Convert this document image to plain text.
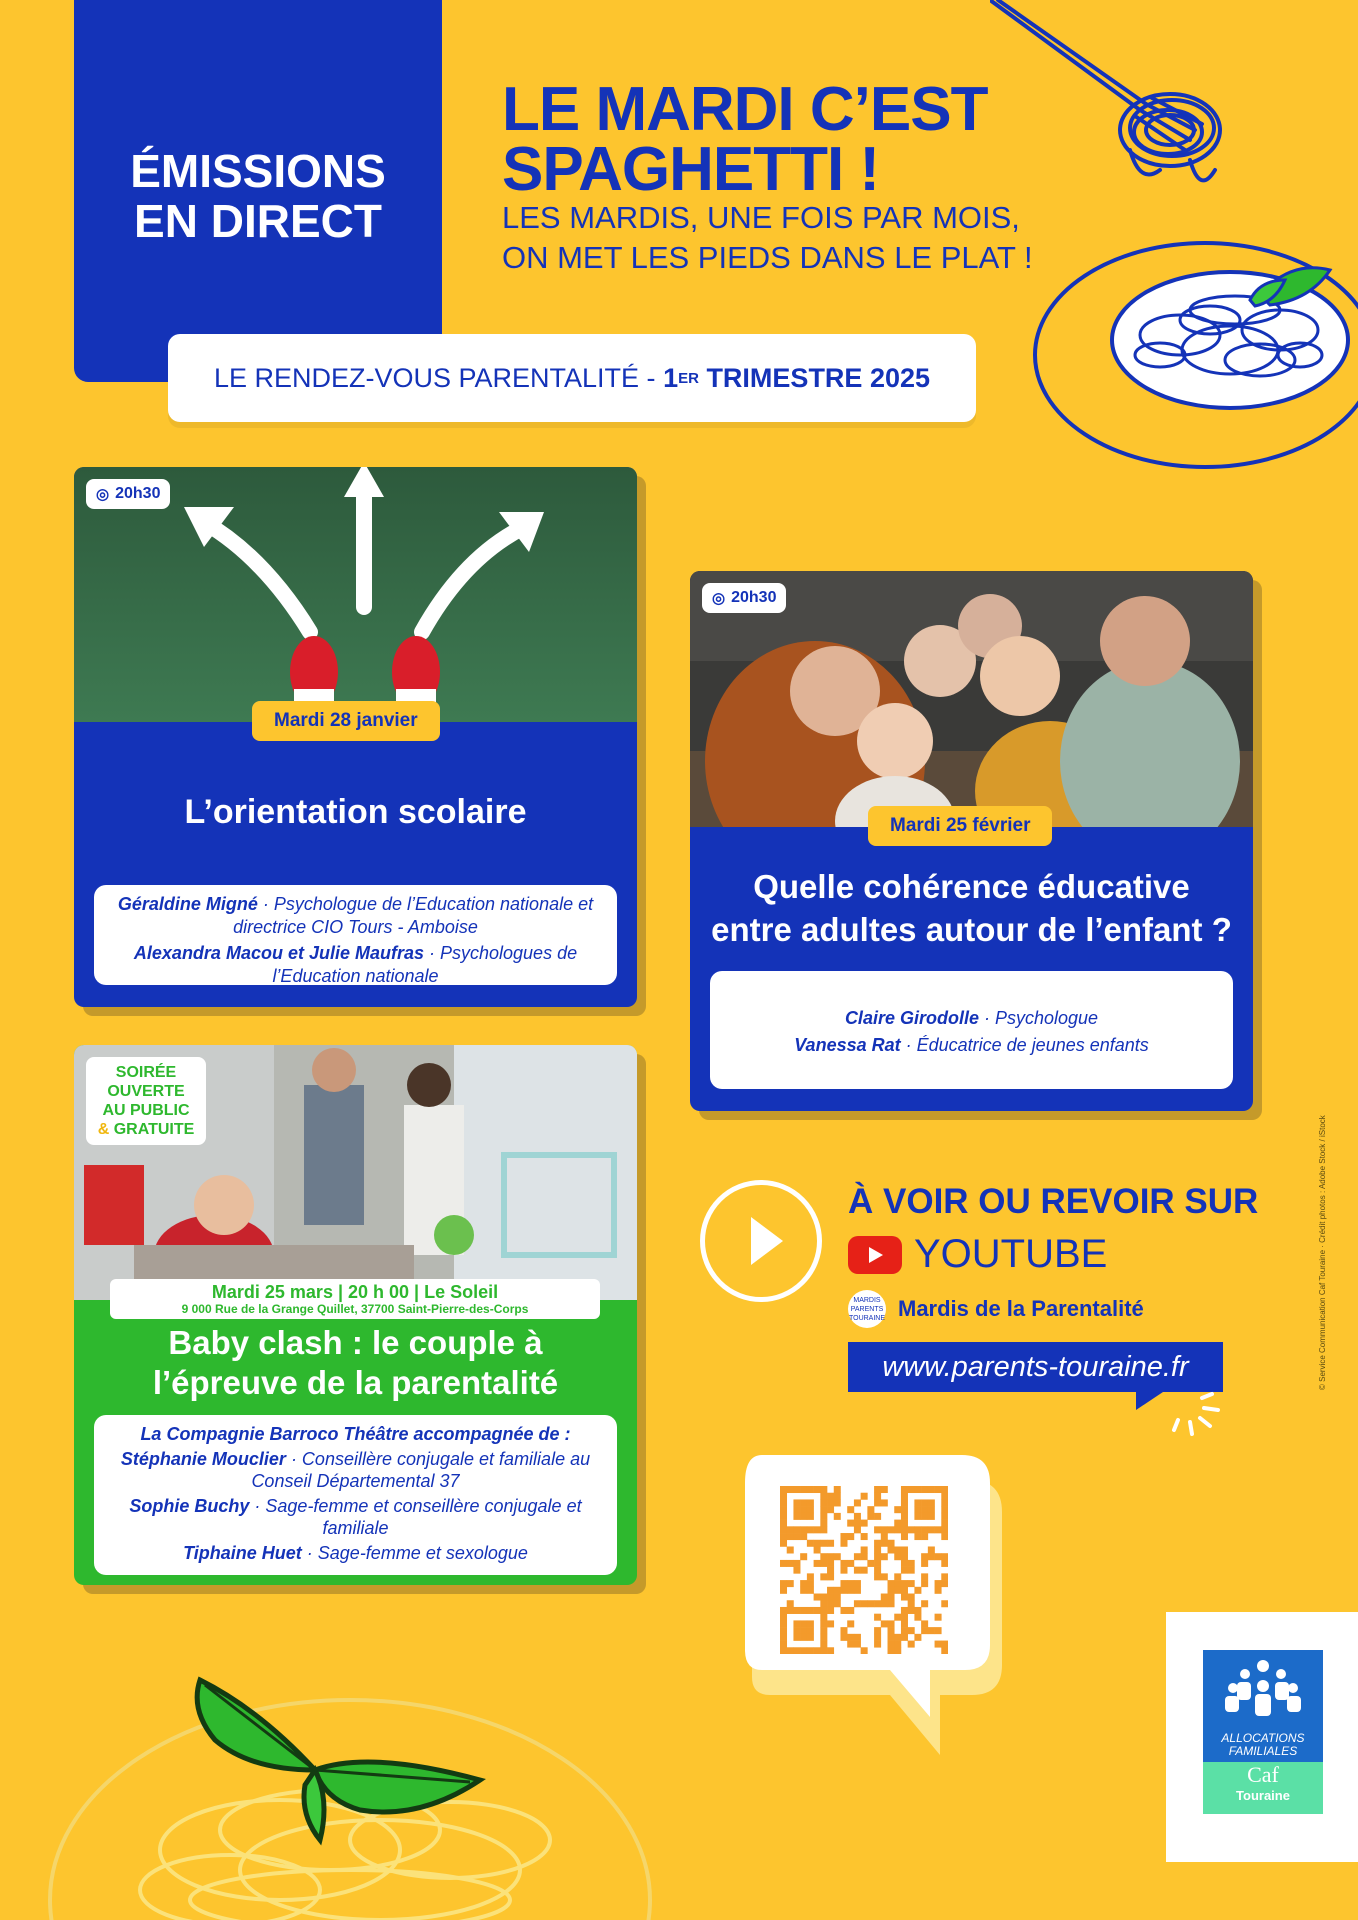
ÉMISSIONS
EN DIRECT
LE MARDI C’EST
SPAGHETTI !
LES MARDIS, UNE FOIS PAR MOIS,
ON MET LES PIEDS DANS LE PLAT !
LE RENDEZ-VOUS PARENTALITÉ -
1 ER TRIMESTRE 2025
◎ 20h30
Mardi 28 janvier
L’orientation scolaire

Géraldine Migné · Psychologue de l’Education nationale et directrice CIO Tours - Amboise

Alexandra Macou et Julie Maufras · Psychologues de l’Education nationale

◎ 20h30
Mardi 25 février
Quelle cohérence éducative
entre adultes autour de l’enfant ?

Claire Girodolle · Psychologue

Vanessa Rat · Éducatrice de jeunes enfants

SOIRÉE
OUVERTE
AU PUBLIC
& GRATUITE
Mardi 25 mars | 20 h 00 | Le Soleil
9 000 Rue de la Grange Quillet, 37700 Saint-Pierre-des-Corps
Baby clash : le couple à
l’épreuve de la parentalité

La Compagnie Barroco Théâtre accompagnée de :

Stéphanie Mouclier · Conseillère conjugale et familiale au Conseil Départemental 37

Sophie Buchy · Sage-femme et conseillère conjugale et familiale

Tiphaine Huet · Sage-femme et sexologue

À VOIR OU REVOIR SUR
YOUTUBE
MARDIS PARENTS TOURAINE Mardis de la Parentalité
www.parents-touraine.fr	© Service Communication Caf Touraine · Crédit photos : Adobe Stock / iStock
ALLOCATIONS
FAMILIALES
Caf
Touraine
